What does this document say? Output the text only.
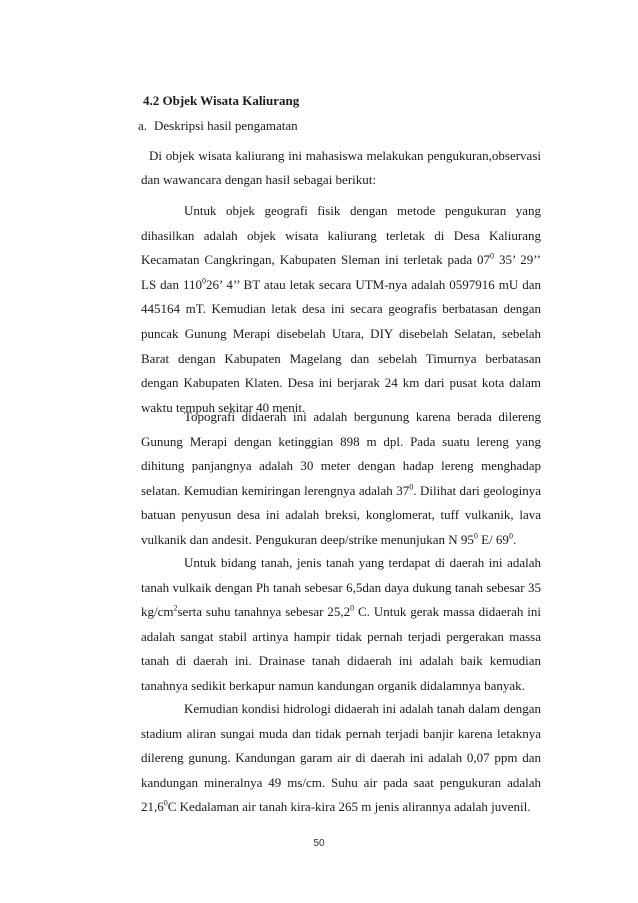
4.2 Objek Wisata Kaliurang
a. Deskripsi hasil pengamatan
Di objek wisata kaliurang ini mahasiswa melakukan pengukuran,observasi dan wawancara dengan hasil sebagai berikut:
Untuk objek geografi fisik dengan metode pengukuran yang dihasilkan adalah objek wisata kaliurang terletak di Desa Kaliurang Kecamatan Cangkringan, Kabupaten Sleman ini terletak pada $07^0$ 35’ 29’’ LS dan $110^026$’ 4’’ BT atau letak secara UTM-nya adalah 0597916 mU dan 445164 mT. Kemudian letak desa ini secara geografis berbatasan dengan puncak Gunung Merapi disebelah Utara, DIY disebelah Selatan, sebelah Barat dengan Kabupaten Magelang dan sebelah Timurnya berbatasan dengan Kabupaten Klaten. Desa ini berjarak 24 km dari pusat kota dalam waktu tempuh sekitar 40 menit.
Topografi didaerah ini adalah bergunung karena berada dilereng Gunung Merapi dengan ketinggian 898 m dpl. Pada suatu lereng yang dihitung panjangnya adalah 30 meter dengan hadap lereng menghadap selatan. Kemudian kemiringan lerengnya adalah $37^0$. Dilihat dari geologinya batuan penyusun desa ini adalah breksi, konglomerat, tuff vulkanik, lava vulkanik dan andesit. Pengukuran deep/strike menunjukan N $95^0$ E/ $69^0$.
Untuk bidang tanah, jenis tanah yang terdapat di daerah ini adalah tanah vulkaik dengan Ph tanah sebesar 6,5dan daya dukung tanah sebesar 35 $kg/cm^2serta$ suhu tanahnya sebesar 25,2$^0$ C. Untuk gerak massa didaerah ini adalah sangat stabil artinya hampir tidak pernah terjadi pergerakan massa tanah di daerah ini. Drainase tanah didaerah ini adalah baik kemudian tanahnya sedikit berkapur namun kandungan organik didalamnya banyak.
Kemudian kondisi hidrologi didaerah ini adalah tanah dalam dengan stadium aliran sungai muda dan tidak pernah terjadi banjir karena letaknya dilereng gunung. Kandungan garam air di daerah ini adalah 0,07 ppm dan kandungan mineralnya 49 ms/cm. Suhu air pada saat pengukuran adalah 21,6$^0$C Kedalaman air tanah kira-kira 265 m jenis alirannya adalah juvenil.
50
